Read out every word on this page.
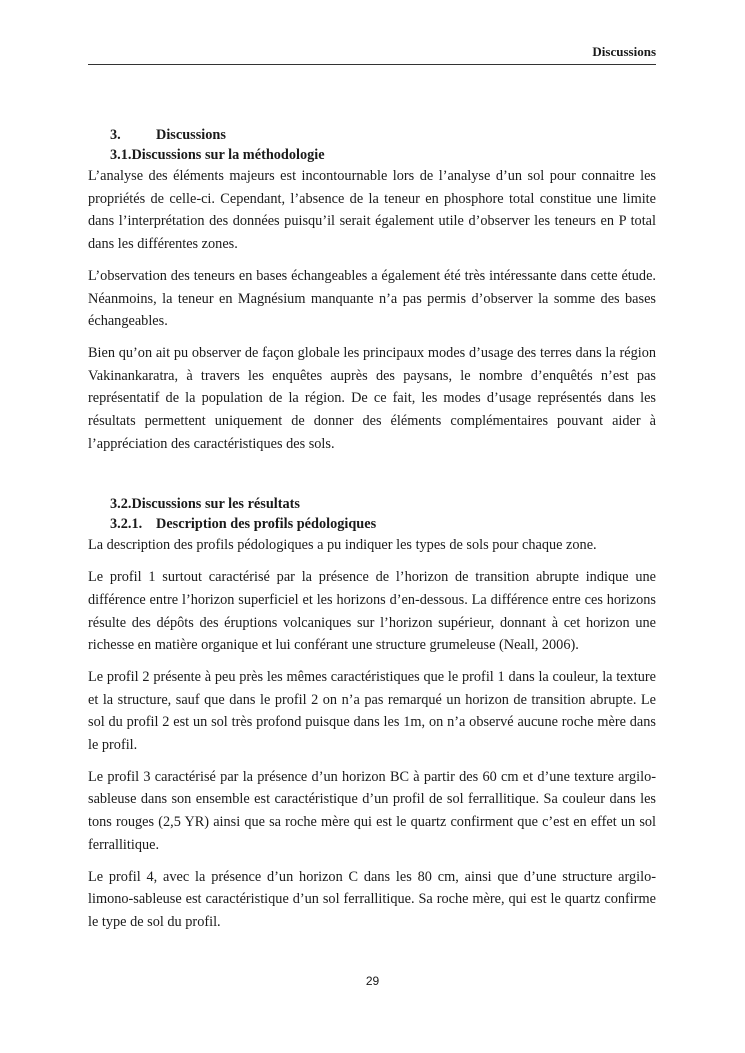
Discussions
3. Discussions
3.1.Discussions sur la méthodologie

L’analyse des éléments majeurs est incontournable lors de l’analyse d’un sol pour connaitre les propriétés de celle-ci. Cependant, l’absence de la teneur en phosphore total constitue une limite dans l’interprétation des données puisqu’il serait également utile d’observer les teneurs en P total dans les différentes zones.

L’observation des teneurs en bases échangeables a également été très intéressante dans cette étude. Néanmoins, la teneur en Magnésium manquante n’a pas permis d’observer la somme des bases échangeables.

Bien qu’on ait pu observer de façon globale les principaux modes d’usage des terres dans la région Vakinankaratra, à travers les enquêtes auprès des paysans, le nombre d’enquêtés n’est pas représentatif de la population de la région. De ce fait, les modes d’usage représentés dans les résultats permettent uniquement de donner des éléments complémentaires pouvant aider à l’appréciation des caractéristiques des sols.

3.2.Discussions sur les résultats
3.2.1. Description des profils pédologiques

La description des profils pédologiques a pu indiquer les types de sols pour chaque zone.

Le profil 1 surtout caractérisé par la présence de l’horizon de transition abrupte indique une différence entre l’horizon superficiel et les horizons d’en-dessous. La différence entre ces horizons résulte des dépôts des éruptions volcaniques sur l’horizon supérieur, donnant à cet horizon une richesse en matière organique et lui conférant une structure grumeleuse (Neall, 2006).

Le profil 2 présente à peu près les mêmes caractéristiques que le profil 1 dans la couleur, la texture et la structure, sauf que dans le profil 2 on n’a pas remarqué un horizon de transition abrupte. Le sol du profil 2 est un sol très profond puisque dans les 1m, on n’a observé aucune roche mère dans le profil.

Le profil 3 caractérisé par la présence d’un horizon BC à partir des 60 cm et d’une texture argilo-sableuse dans son ensemble est caractéristique d’un profil de sol ferrallitique. Sa couleur dans les tons rouges (2,5 YR) ainsi que sa roche mère qui est le quartz confirment que c’est en effet un sol ferrallitique.

Le profil 4, avec la présence d’un horizon C dans les 80 cm, ainsi que d’une structure argilo-limono-sableuse est caractéristique d’un sol ferrallitique. Sa roche mère, qui est le quartz confirme le type de sol du profil.

29
